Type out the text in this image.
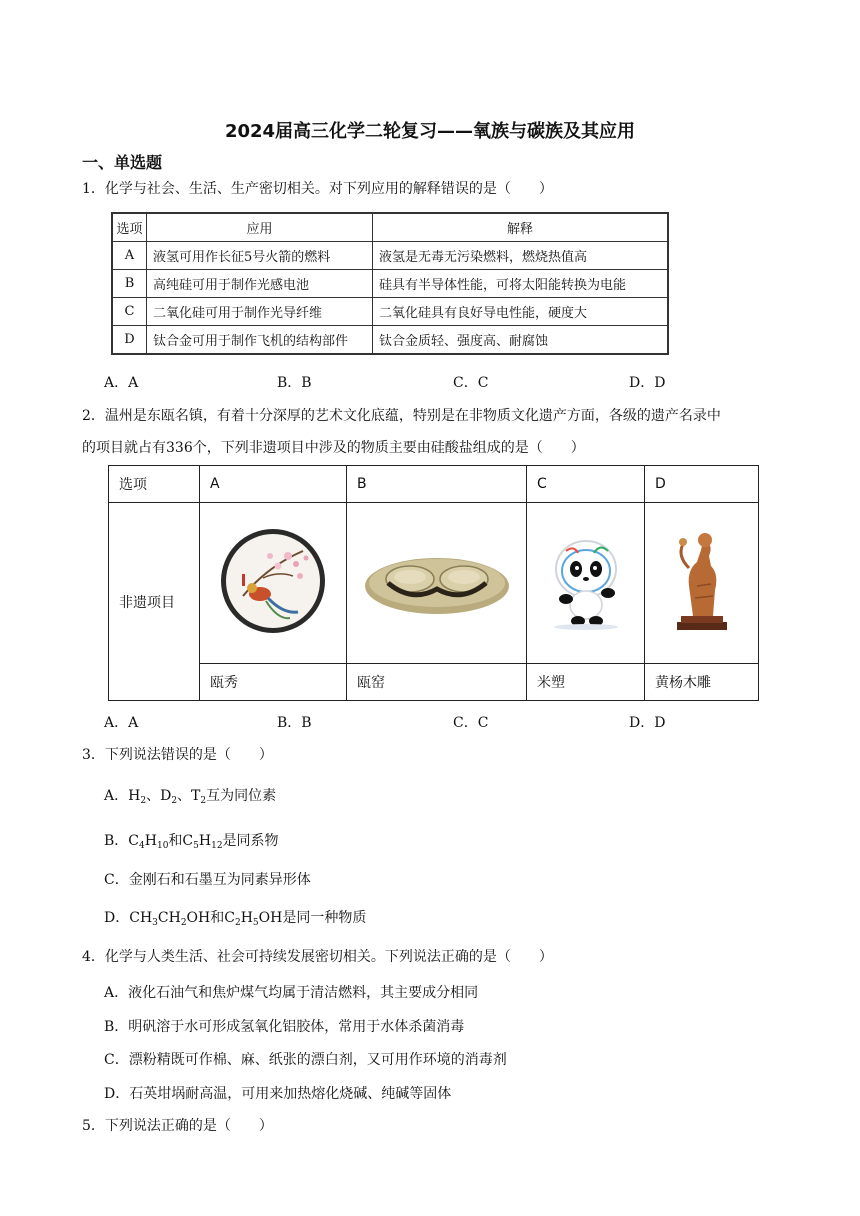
2024届高三化学二轮复习——氧族与碳族及其应用
一、单选题
1．化学与社会、生活、生产密切相关。对下列应用的解释错误的是（　　）
选项	应用	解释
A	液氢可用作长征5号火箭的燃料	液氢是无毒无污染燃料，燃烧热值高
B	高纯硅可用于制作光感电池	硅具有半导体性能，可将太阳能转换为电能
C	二氧化硅可用于制作光导纤维	二氧化硅具有良好导电性能，硬度大
D	钛合金可用于制作飞机的结构部件	钛合金质轻、强度高、耐腐蚀
A．A	B．B	C．C	D．D
2．温州是东瓯名镇，有着十分深厚的艺术文化底蕴，特别是在非物质文化遗产方面，各级的遗产名录中
的项目就占有336个，下列非遗项目中涉及的物质主要由硅酸盐组成的是（　　）
选项	A	B	C	D
非遗项目				
	瓯秀	瓯窑	米塑	黄杨木雕
A．A	B．B	C．C	D．D
3．下列说法错误的是（　　）
A．$H_2$、$D_2$、$T_2$互为同位素
B．$C_4H_{10}$和$C_5H_{12}$是同系物
C．金刚石和石墨互为同素异形体
D．$CH_3CH_2OH$和$C_2H_5OH$是同一种物质
4．化学与人类生活、社会可持续发展密切相关。下列说法正确的是（　　）
A．液化石油气和焦炉煤气均属于清洁燃料，其主要成分相同
B．明矾溶于水可形成氢氧化铝胶体，常用于水体杀菌消毒
C．漂粉精既可作棉、麻、纸张的漂白剂，又可用作环境的消毒剂
D．石英坩埚耐高温，可用来加热熔化烧碱、纯碱等固体
5．下列说法正确的是（　　）
